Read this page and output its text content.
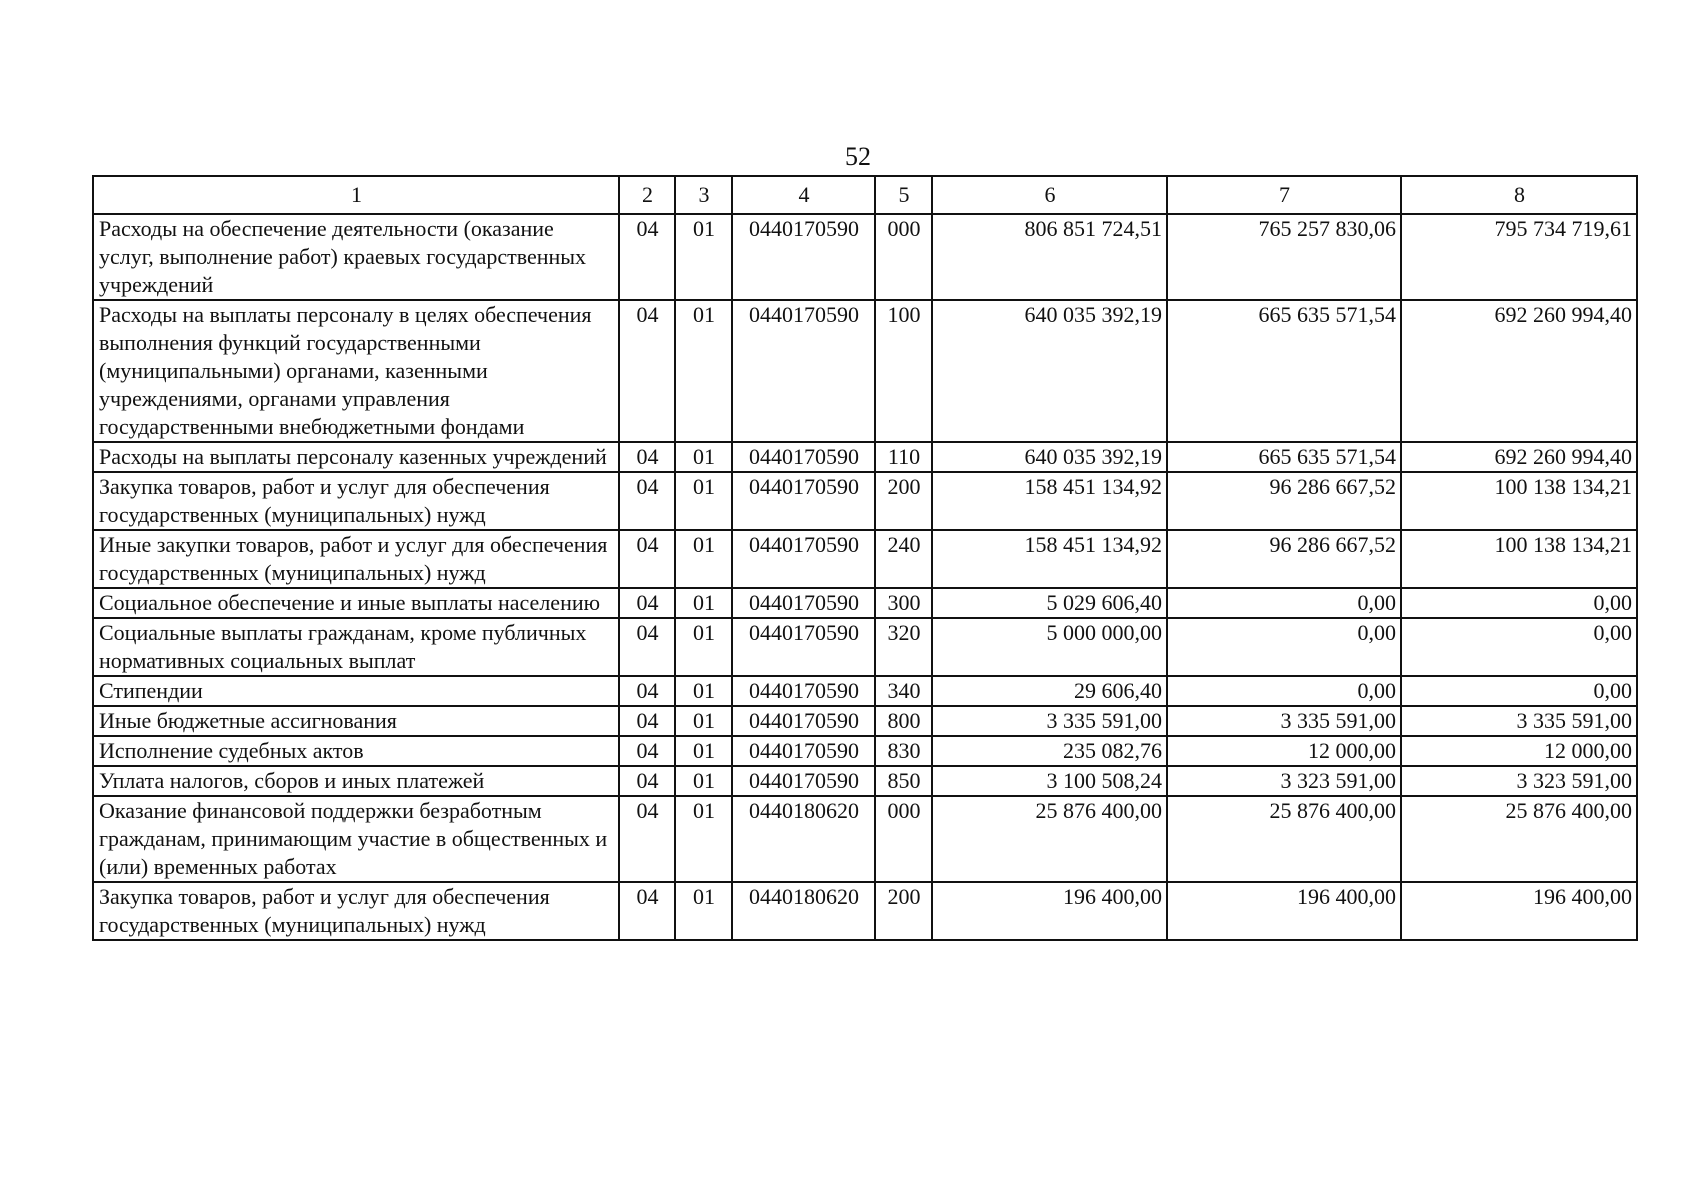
52
1	2	3	4	5	6	7	8
Расходы на обеспечение деятельности (оказание услуг, выполнение работ) краевых государственных учреждений	04	01	0440170590	000	806 851 724,51	765 257 830,06	795 734 719,61
Расходы на выплаты персоналу в целях обеспечения выполнения функций государственными (муниципальными) органами, казенными учреждениями, органами управления государственными внебюджетными фондами	04	01	0440170590	100	640 035 392,19	665 635 571,54	692 260 994,40
Расходы на выплаты персоналу казенных учреждений	04	01	0440170590	110	640 035 392,19	665 635 571,54	692 260 994,40
Закупка товаров, работ и услуг для обеспечения государственных (муниципальных) нужд	04	01	0440170590	200	158 451 134,92	96 286 667,52	100 138 134,21
Иные закупки товаров, работ и услуг для обеспечения государственных (муниципальных) нужд	04	01	0440170590	240	158 451 134,92	96 286 667,52	100 138 134,21
Социальное обеспечение и иные выплаты населению	04	01	0440170590	300	5 029 606,40	0,00	0,00
Социальные выплаты гражданам, кроме публичных нормативных социальных выплат	04	01	0440170590	320	5 000 000,00	0,00	0,00
Стипендии	04	01	0440170590	340	29 606,40	0,00	0,00
Иные бюджетные ассигнования	04	01	0440170590	800	3 335 591,00	3 335 591,00	3 335 591,00
Исполнение судебных актов	04	01	0440170590	830	235 082,76	12 000,00	12 000,00
Уплата налогов, сборов и иных платежей	04	01	0440170590	850	3 100 508,24	3 323 591,00	3 323 591,00
Оказание финансовой поддержки безработным гражданам, принимающим участие в общественных и (или) временных работах	04	01	0440180620	000	25 876 400,00	25 876 400,00	25 876 400,00
Закупка товаров, работ и услуг для обеспечения государственных (муниципальных) нужд	04	01	0440180620	200	196 400,00	196 400,00	196 400,00
